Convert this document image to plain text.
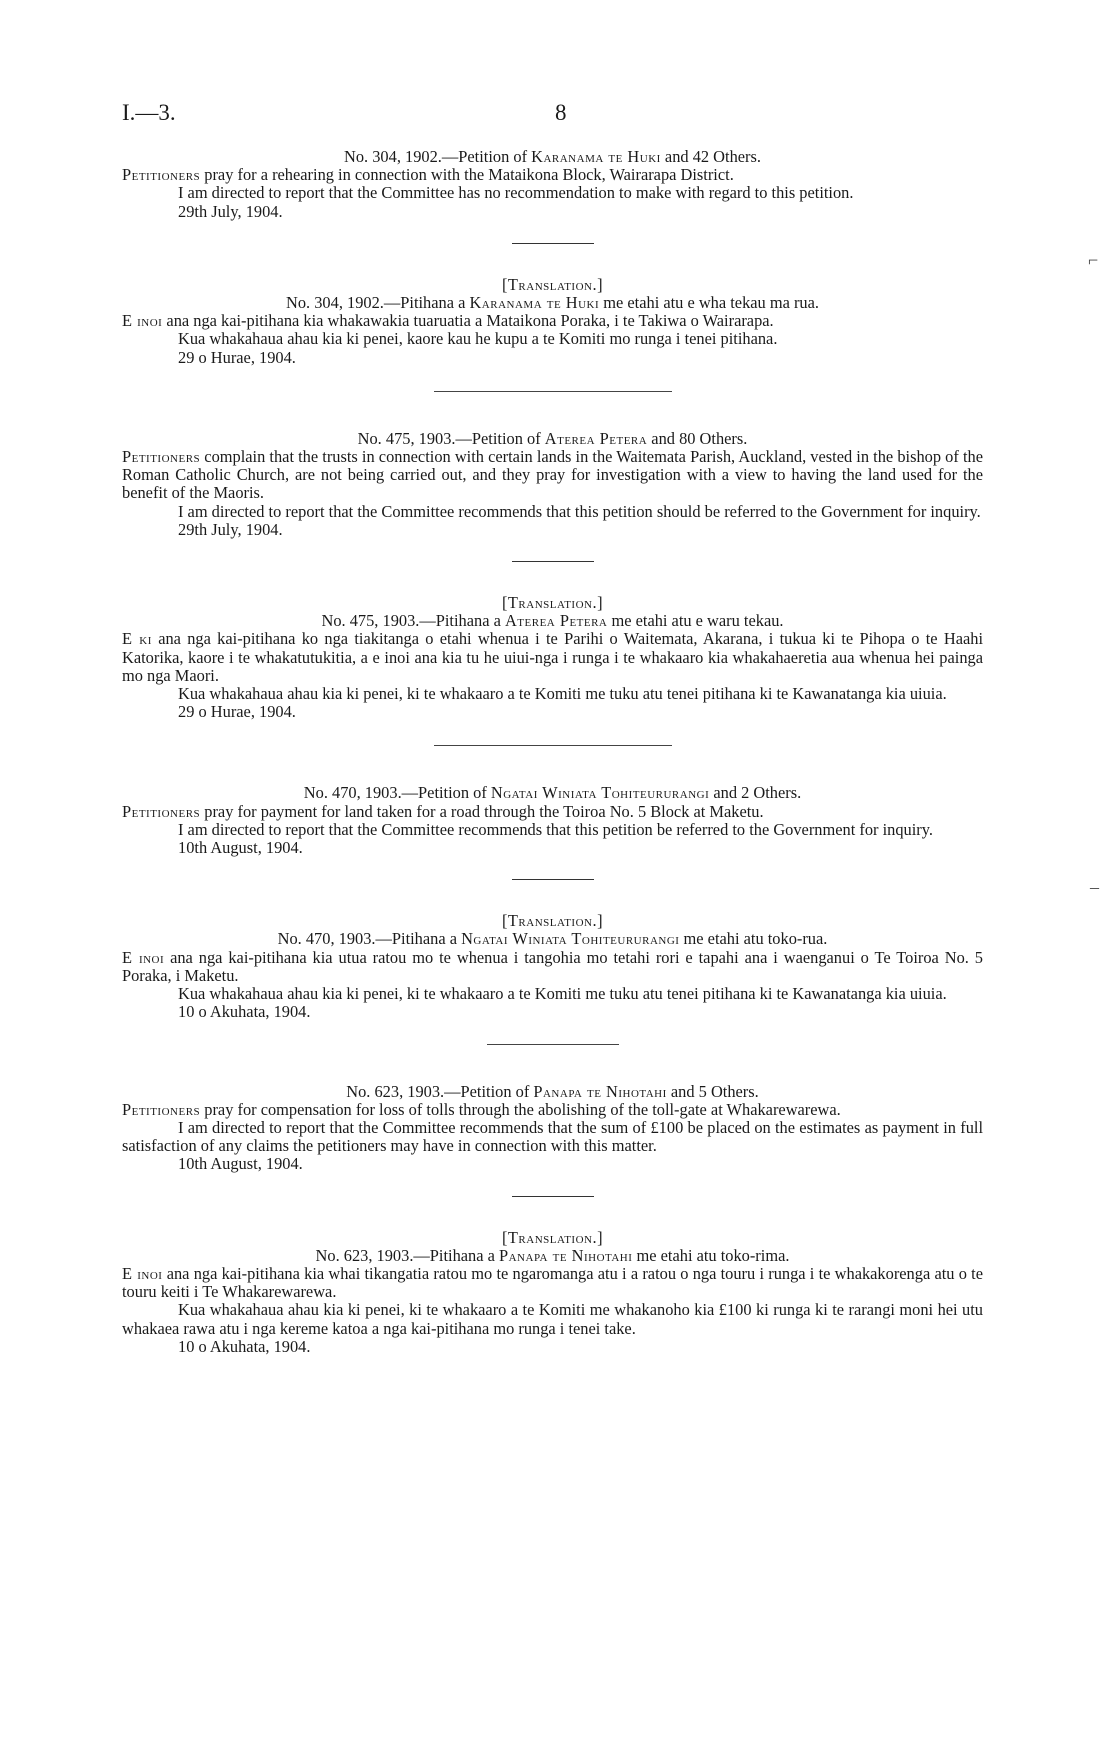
I.—3.	8
⌐
–

No. 304, 1902.—Petition of Karanama te Huki and 42 Others.

Petitioners pray for a rehearing in connection with the Mataikona Block, Wairarapa District.

I am directed to report that the Committee has no recommendation to make with regard to this petition.

29th July, 1904.

[Translation.]

No. 304, 1902.—Pitihana a Karanama te Huki me etahi atu e wha tekau ma rua.

E inoi ana nga kai-pitihana kia whakawakia tuaruatia a Mataikona Poraka, i te Takiwa o Wairarapa.

Kua whakahaua ahau kia ki penei, kaore kau he kupu a te Komiti mo runga i tenei pitihana.

29 o Hurae, 1904.

No. 475, 1903.—Petition of Aterea Petera and 80 Others.

Petitioners complain that the trusts in connection with certain lands in the Waitemata Parish, Auckland, vested in the bishop of the Roman Catholic Church, are not being carried out, and they pray for investigation with a view to having the land used for the benefit of the Maoris.

I am directed to report that the Committee recommends that this petition should be referred to the Government for inquiry.

29th July, 1904.

[Translation.]

No. 475, 1903.—Pitihana a Aterea Petera me etahi atu e waru tekau.

E ki ana nga kai-pitihana ko nga tiakitanga o etahi whenua i te Parihi o Waitemata, Akarana, i tukua ki te Pihopa o te Haahi Katorika, kaore i te whakatutukitia, a e inoi ana kia tu he uiui-nga i runga i te whakaaro kia whakahaeretia aua whenua hei painga mo nga Maori.

Kua whakahaua ahau kia ki penei, ki te whakaaro a te Komiti me tuku atu tenei pitihana ki te Kawanatanga kia uiuia.

29 o Hurae, 1904.

No. 470, 1903.—Petition of Ngatai Winiata Tohiteururangi and 2 Others.

Petitioners pray for payment for land taken for a road through the Toiroa No. 5 Block at Maketu.

I am directed to report that the Committee recommends that this petition be referred to the Government for inquiry.

10th August, 1904.

[Translation.]

No. 470, 1903.—Pitihana a Ngatai Winiata Tohiteururangi me etahi atu toko-rua.

E inoi ana nga kai-pitihana kia utua ratou mo te whenua i tangohia mo tetahi rori e tapahi ana i waenganui o Te Toiroa No. 5 Poraka, i Maketu.

Kua whakahaua ahau kia ki penei, ki te whakaaro a te Komiti me tuku atu tenei pitihana ki te Kawanatanga kia uiuia.

10 o Akuhata, 1904.

No. 623, 1903.—Petition of Panapa te Nihotahi and 5 Others.

Petitioners pray for compensation for loss of tolls through the abolishing of the toll-gate at Whakarewarewa.

I am directed to report that the Committee recommends that the sum of £100 be placed on the estimates as payment in full satisfaction of any claims the petitioners may have in connection with this matter.

10th August, 1904.

[Translation.]

No. 623, 1903.—Pitihana a Panapa te Nihotahi me etahi atu toko-rima.

E inoi ana nga kai-pitihana kia whai tikangatia ratou mo te ngaromanga atu i a ratou o nga touru i runga i te whakakorenga atu o te touru keiti i Te Whakarewarewa.

Kua whakahaua ahau kia ki penei, ki te whakaaro a te Komiti me whakanoho kia £100 ki runga ki te rarangi moni hei utu whakaea rawa atu i nga kereme katoa a nga kai-pitihana mo runga i tenei take.

10 o Akuhata, 1904.
